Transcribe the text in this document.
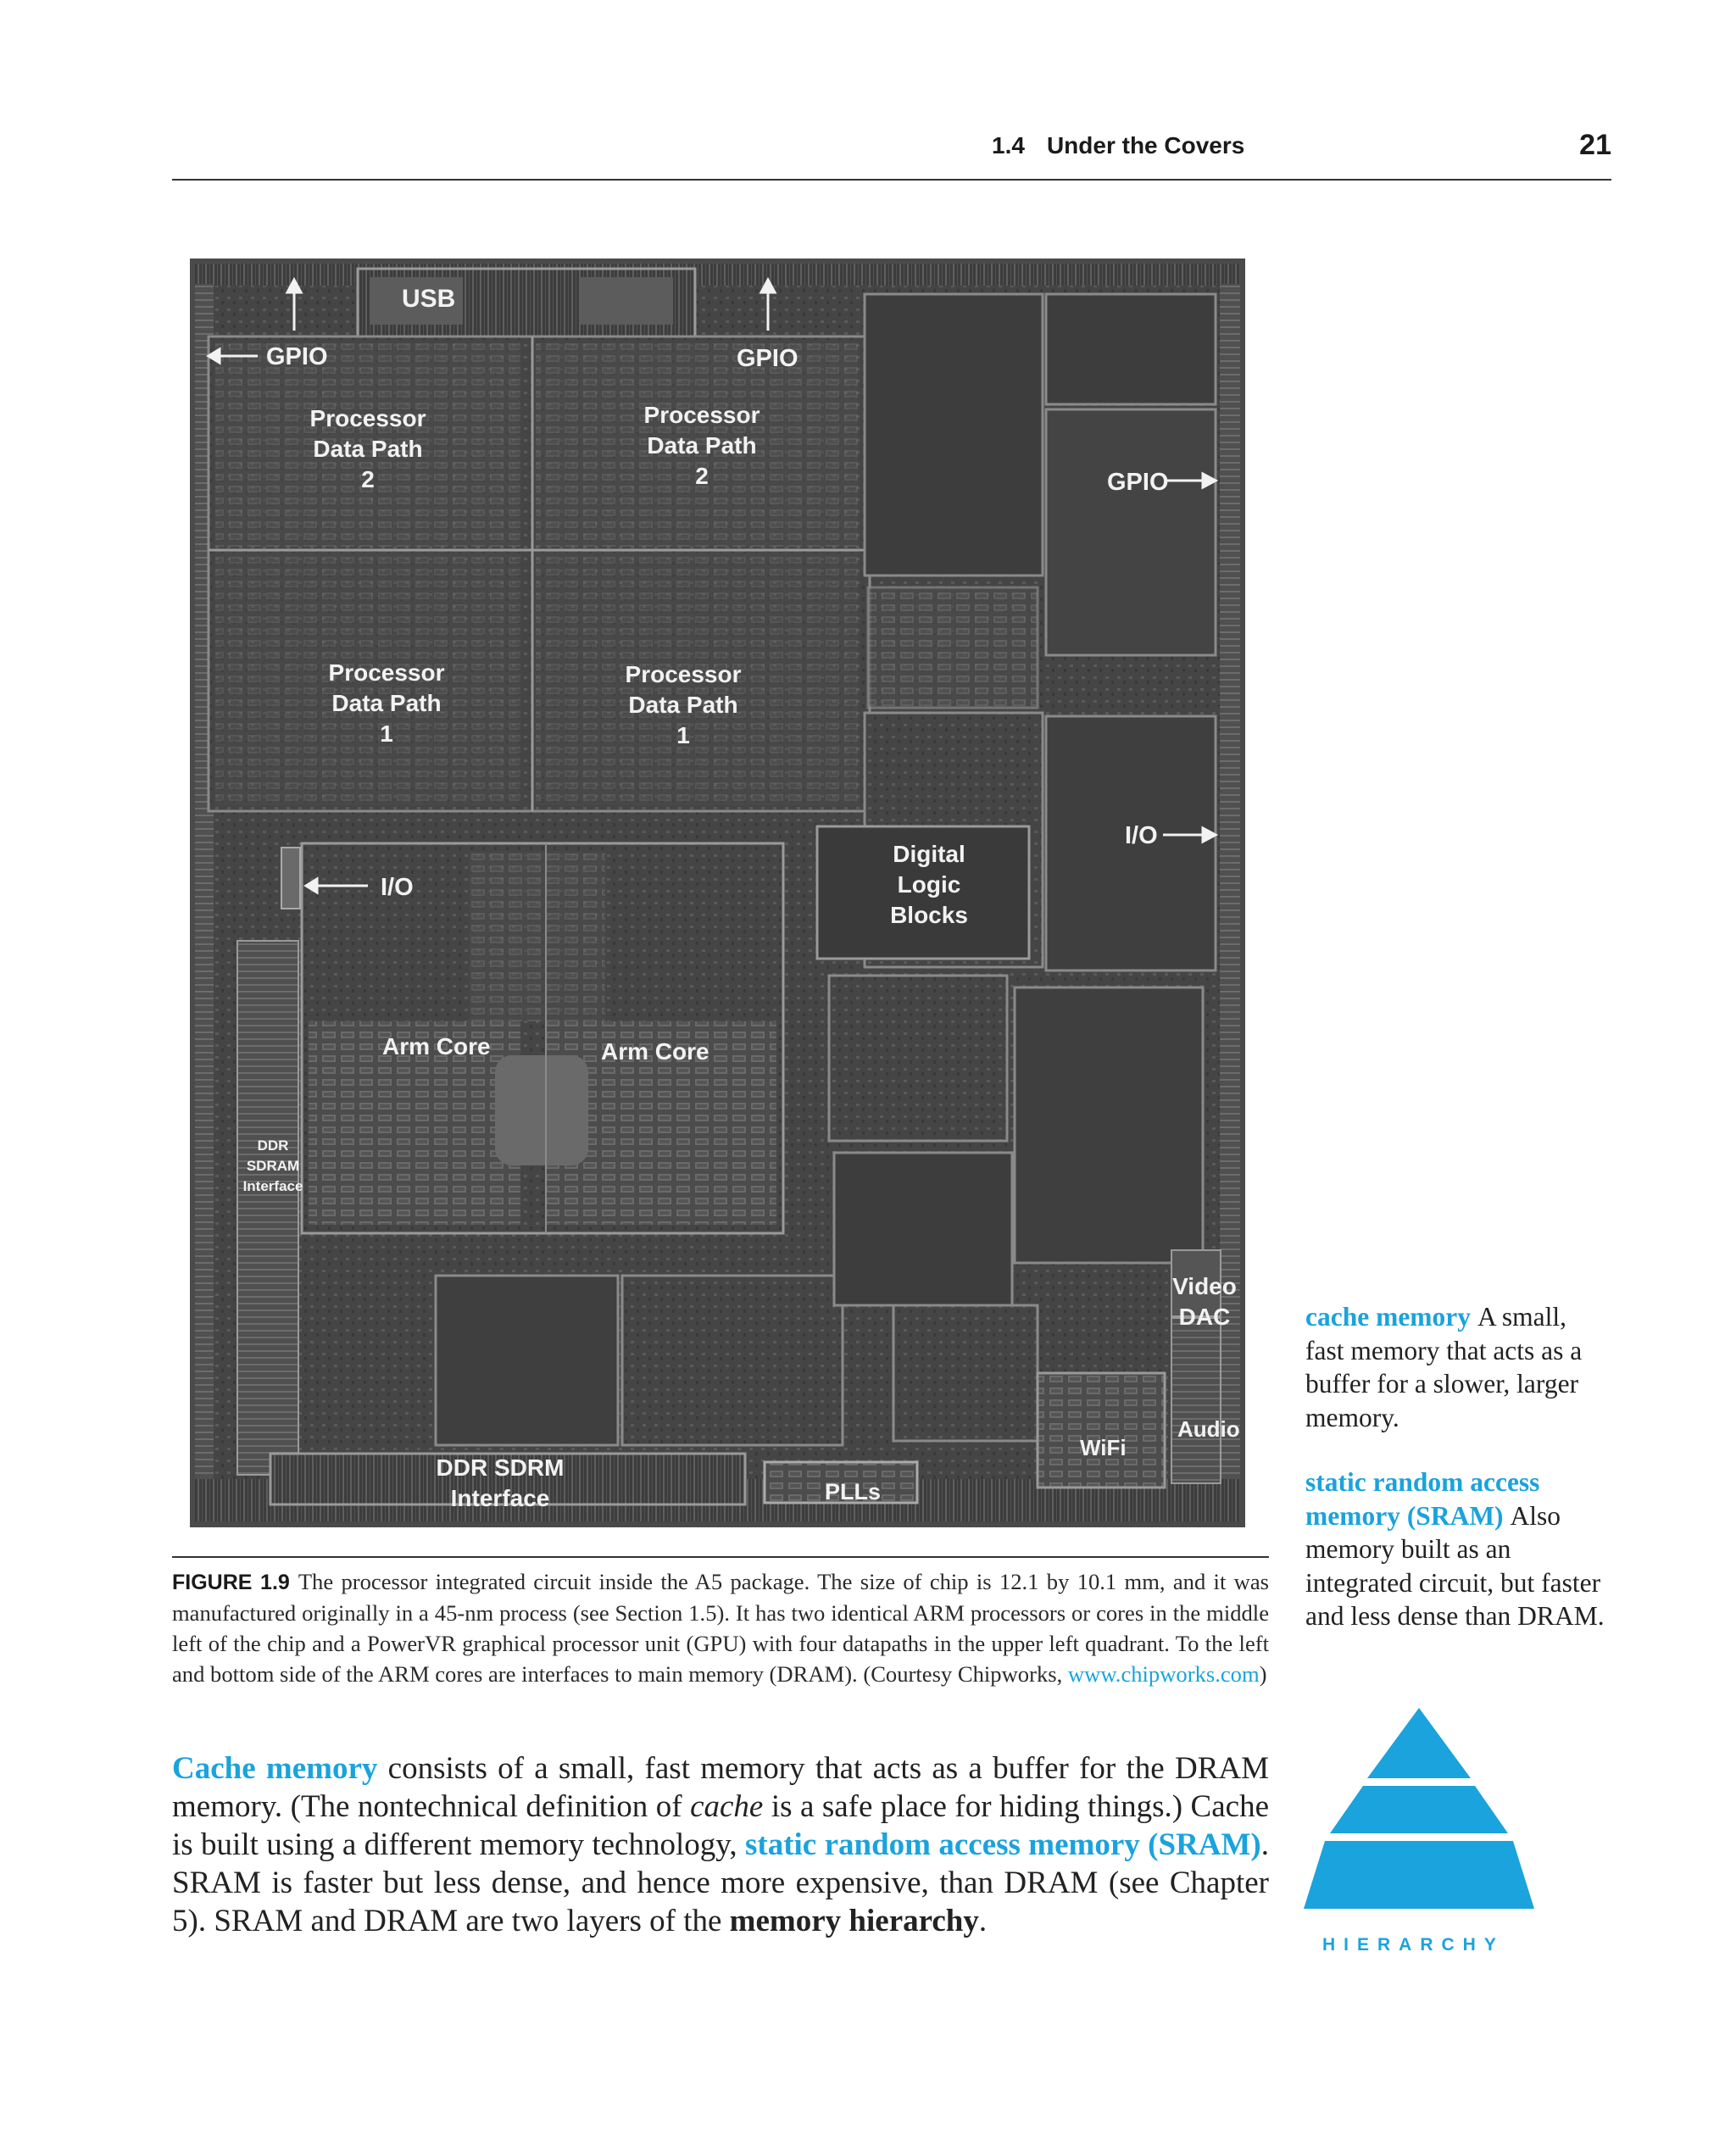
1.4 Under the Covers	21
USB
GPIO	GPIO
GPIO
Processor
Data Path
2
Processor
Data Path
2
Processor
Data Path
1
Processor
Data Path
1
I/O
I/O
Digital
Logic
Blocks
Arm Core	Arm Core
DDR
SDRAM
Interface
DDR SDRM
Interface	PLLs
WiFi
Audio
Video
DAC
FIGURE 1.9 The processor integrated circuit inside the A5 package. The size of chip is 12.1 by 10.1 mm, and it was manufactured originally in a 45-nm process (see Section 1.5). It has two identical ARM processors or cores in the middle left of the chip and a PowerVR graphical processor unit (GPU) with four datapaths in the upper left quadrant. To the left and bottom side of the ARM cores are interfaces to main memory (DRAM). (Courtesy Chipworks, www.chipworks.com)
Cache memory consists of a small, fast memory that acts as a buffer for the DRAM memory. (The nontechnical definition of cache is a safe place for hiding things.) Cache is built using a different memory technology, static random access memory (SRAM). SRAM is faster but less dense, and hence more expensive, than DRAM (see Chapter 5). SRAM and DRAM are two layers of the memory hierarchy.
cache memory A small, fast memory that acts as a buffer for a slower, larger memory.
static random access memory (SRAM) Also memory built as an integrated circuit, but faster and less dense than DRAM.
HIERARCHY
